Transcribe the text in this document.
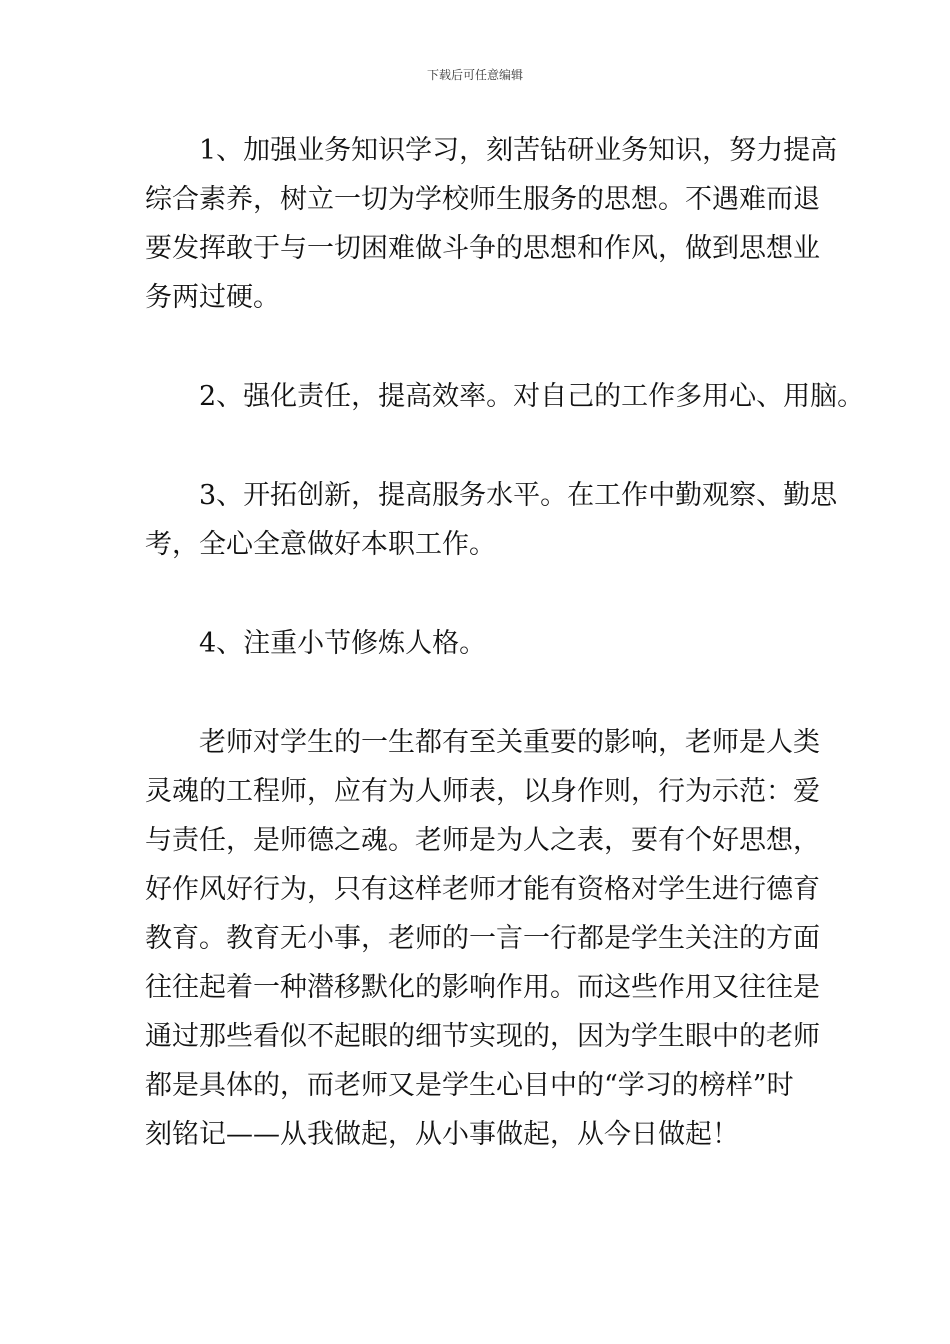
下载后可任意编辑

1、加强业务知识学习，刻苦钻研业务知识，努力提高
综合素养，树立一切为学校师生服务的思想。不遇难而退
要发挥敢于与一切困难做斗争的思想和作风，做到思想业
务两过硬。

2、强化责任，提高效率。对自己的工作多用心、用脑。

3、开拓创新，提高服务水平。在工作中勤观察、勤思
考，全心全意做好本职工作。

4、注重小节修炼人格。

老师对学生的一生都有至关重要的影响，老师是人类
灵魂的工程师，应有为人师表，以身作则，行为示范：爱
与责任，是师德之魂。老师是为人之表，要有个好思想，
好作风好行为，只有这样老师才能有资格对学生进行德育
教育。教育无小事，老师的一言一行都是学生关注的方面
往往起着一种潜移默化的影响作用。而这些作用又往往是
通过那些看似不起眼的细节实现的，因为学生眼中的老师
都是具体的，而老师又是学生心目中的“学习的榜样”时
刻铭记——从我做起，从小事做起，从今日做起！
